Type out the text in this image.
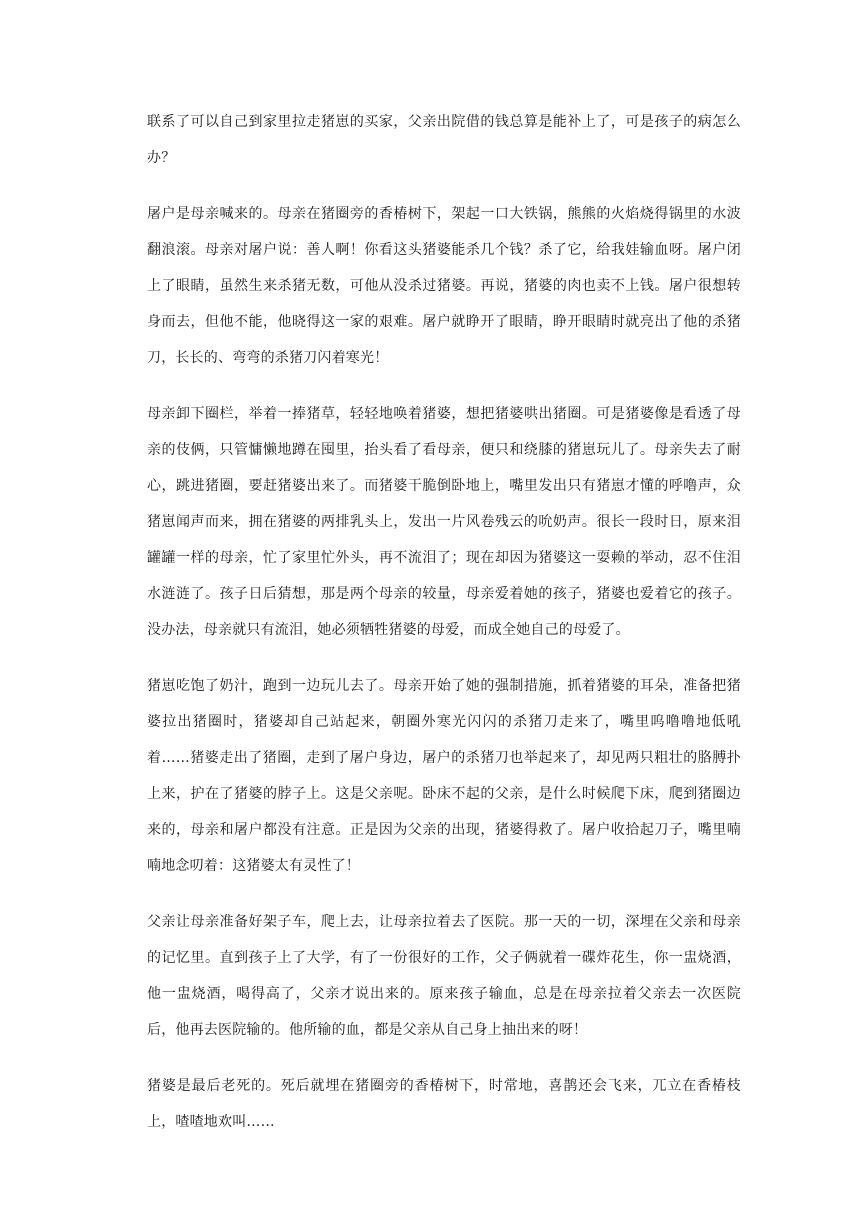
联系了可以自己到家里拉走猪崽的买家，父亲出院借的钱总算是能补上了，可是孩子的病怎么办？

屠户是母亲喊来的。母亲在猪圈旁的香椿树下，架起一口大铁锅，熊熊的火焰烧得锅里的水波翻浪滚。母亲对屠户说：善人啊！你看这头猪婆能杀几个钱？杀了它，给我娃输血呀。屠户闭上了眼睛，虽然生来杀猪无数，可他从没杀过猪婆。再说，猪婆的肉也卖不上钱。屠户很想转身而去，但他不能，他晓得这一家的艰难。屠户就睁开了眼睛，睁开眼睛时就亮出了他的杀猪刀，长长的、弯弯的杀猪刀闪着寒光！

母亲卸下圈栏，举着一捧猪草，轻轻地唤着猪婆，想把猪婆哄出猪圈。可是猪婆像是看透了母亲的伎俩，只管慵懒地蹲在囤里，抬头看了看母亲，便只和绕膝的猪崽玩儿了。母亲失去了耐心，跳进猪圈，要赶猪婆出来了。而猪婆干脆倒卧地上，嘴里发出只有猪崽才懂的呼噜声，众猪崽闻声而来，拥在猪婆的两排乳头上，发出一片风卷残云的吮奶声。很长一段时日，原来泪罐罐一样的母亲，忙了家里忙外头，再不流泪了；现在却因为猪婆这一耍赖的举动，忍不住泪水涟涟了。孩子日后猜想，那是两个母亲的较量，母亲爱着她的孩子，猪婆也爱着它的孩子。没办法，母亲就只有流泪，她必须牺牲猪婆的母爱，而成全她自己的母爱了。

猪崽吃饱了奶汁，跑到一边玩儿去了。母亲开始了她的强制措施，抓着猪婆的耳朵，准备把猪婆拉出猪圈时，猪婆却自己站起来，朝圈外寒光闪闪的杀猪刀走来了，嘴里呜噜噜地低吼着……猪婆走出了猪圈，走到了屠户身边，屠户的杀猪刀也举起来了，却见两只粗壮的胳膊扑上来，护在了猪婆的脖子上。这是父亲呢。卧床不起的父亲，是什么时候爬下床，爬到猪圈边来的，母亲和屠户都没有注意。正是因为父亲的出现，猪婆得救了。屠户收拾起刀子，嘴里喃喃地念叨着：这猪婆太有灵性了！

父亲让母亲准备好架子车，爬上去，让母亲拉着去了医院。那一天的一切，深埋在父亲和母亲的记忆里。直到孩子上了大学，有了一份很好的工作，父子俩就着一碟炸花生，你一盅烧酒，他一盅烧酒，喝得高了，父亲才说出来的。原来孩子输血，总是在母亲拉着父亲去一次医院后，他再去医院输的。他所输的血，都是父亲从自己身上抽出来的呀！

猪婆是最后老死的。死后就埋在猪圈旁的香椿树下，时常地，喜鹊还会飞来，兀立在香椿枝上，喳喳地欢叫……
